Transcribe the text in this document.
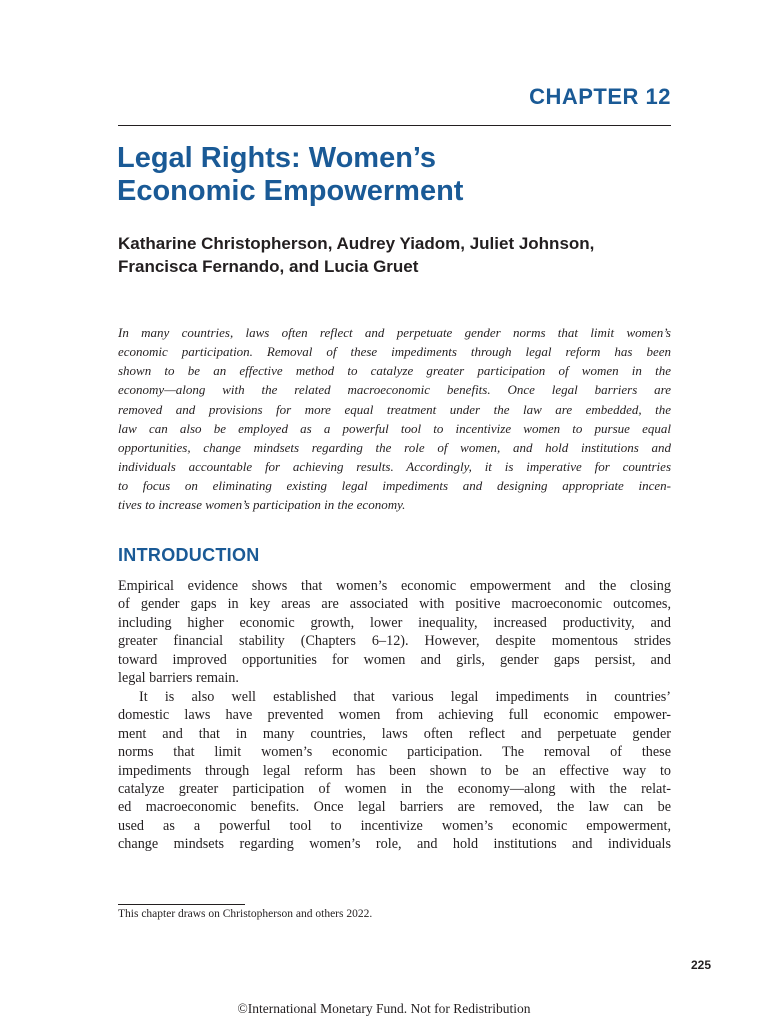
CHAPTER 12
Legal Rights: Women’s
Economic Empowerment
Katharine Christopherson, Audrey Yiadom, Juliet Johnson,
Francisca Fernando, and Lucia Gruet
In many countries, laws often reflect and perpetuate gender norms that limit women’s
economic participation. Removal of these impediments through legal reform has been
shown to be an effective method to catalyze greater participation of women in the
economy—along with the related macroeconomic benefits. Once legal barriers are
removed and provisions for more equal treatment under the law are embedded, the
law can also be employed as a powerful tool to incentivize women to pursue equal
opportunities, change mindsets regarding the role of women, and hold institutions and
individuals accountable for achieving results. Accordingly, it is imperative for countries
to focus on eliminating existing legal impediments and designing appropriate incen-
tives to increase women’s participation in the economy.
INTRODUCTION
Empirical evidence shows that women’s economic empowerment and the closing
of gender gaps in key areas are associated with positive macroeconomic outcomes,
including higher economic growth, lower inequality, increased productivity, and
greater financial stability (Chapters 6–12). However, despite momentous strides
toward improved opportunities for women and girls, gender gaps persist, and
legal barriers remain.
It is also well established that various legal impediments in countries’
domestic laws have prevented women from achieving full economic empower-
ment and that in many countries, laws often reflect and perpetuate gender
norms that limit women’s economic participation. The removal of these
impediments through legal reform has been shown to be an effective way to
catalyze greater participation of women in the economy—along with the relat-
ed macroeconomic benefits. Once legal barriers are removed, the law can be
used as a powerful tool to incentivize women’s economic empowerment,
change mindsets regarding women’s role, and hold institutions and individuals

This chapter draws on Christopherson and others 2022.

225

©International Monetary Fund. Not for Redistribution
